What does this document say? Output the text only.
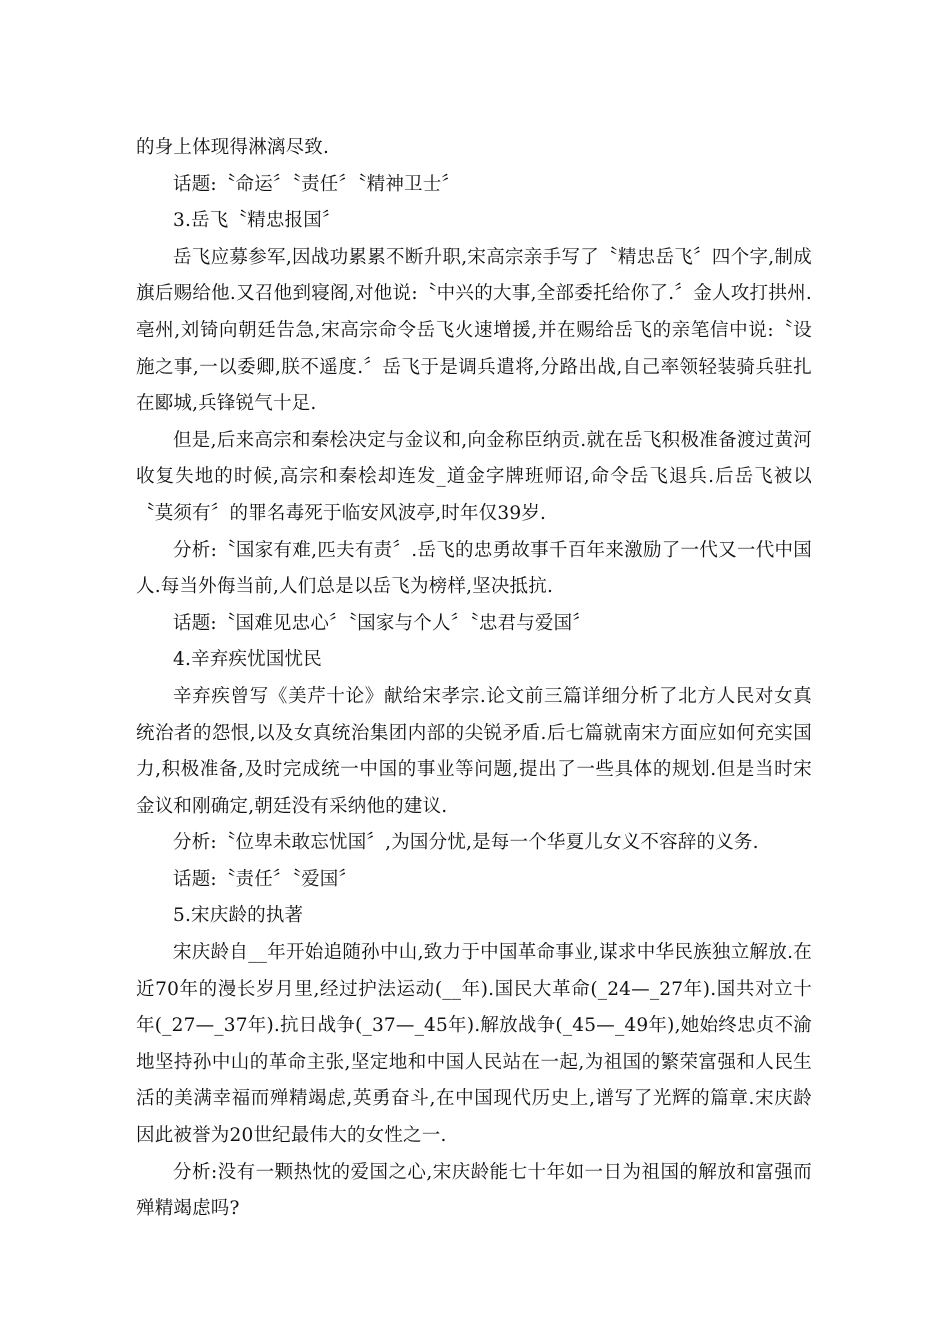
的身上体现得淋漓尽致.

话题:〝命运〞〝责任〞〝精神卫士〞

3.岳飞〝精忠报国〞

岳飞应募参军,因战功累累不断升职,宋高宗亲手写了〝精忠岳飞〞四个字,制成旗后赐给他.又召他到寝阁,对他说:〝中兴的大事,全部委托给你了.〞金人攻打拱州.亳州,刘锜向朝廷告急,宋高宗命令岳飞火速增援,并在赐给岳飞的亲笔信中说:〝设施之事,一以委卿,朕不遥度.〞岳飞于是调兵遣将,分路出战,自己率领轻装骑兵驻扎在郾城,兵锋锐气十足.

但是,后来高宗和秦桧决定与金议和,向金称臣纳贡.就在岳飞积极准备渡过黄河收复失地的时候,高宗和秦桧却连发_道金字牌班师诏,命令岳飞退兵.后岳飞被以〝莫须有〞的罪名毒死于临安风波亭,时年仅39岁.

分析:〝国家有难,匹夫有责〞.岳飞的忠勇故事千百年来激励了一代又一代中国人.每当外侮当前,人们总是以岳飞为榜样,坚决抵抗.

话题:〝国难见忠心〞〝国家与个人〞〝忠君与爱国〞

4.辛弃疾忧国忧民

辛弃疾曾写《美芹十论》献给宋孝宗.论文前三篇详细分析了北方人民对女真统治者的怨恨,以及女真统治集团内部的尖锐矛盾.后七篇就南宋方面应如何充实国力,积极准备,及时完成统一中国的事业等问题,提出了一些具体的规划.但是当时宋金议和刚确定,朝廷没有采纳他的建议.

分析:〝位卑未敢忘忧国〞,为国分忧,是每一个华夏儿女义不容辞的义务.

话题:〝责任〞〝爱国〞

5.宋庆龄的执著

宋庆龄自__年开始追随孙中山,致力于中国革命事业,谋求中华民族独立解放.在近70年的漫长岁月里,经过护法运动(__年).国民大革命(_24—_27年).国共对立十年(_27—_37年).抗日战争(_37—_45年).解放战争(_45—_49年),她始终忠贞不渝地坚持孙中山的革命主张,坚定地和中国人民站在一起,为祖国的繁荣富强和人民生活的美满幸福而殚精竭虑,英勇奋斗,在中国现代历史上,谱写了光辉的篇章.宋庆龄因此被誉为20世纪最伟大的女性之一.

分析:没有一颗热忱的爱国之心,宋庆龄能七十年如一日为祖国的解放和富强而殚精竭虑吗?
